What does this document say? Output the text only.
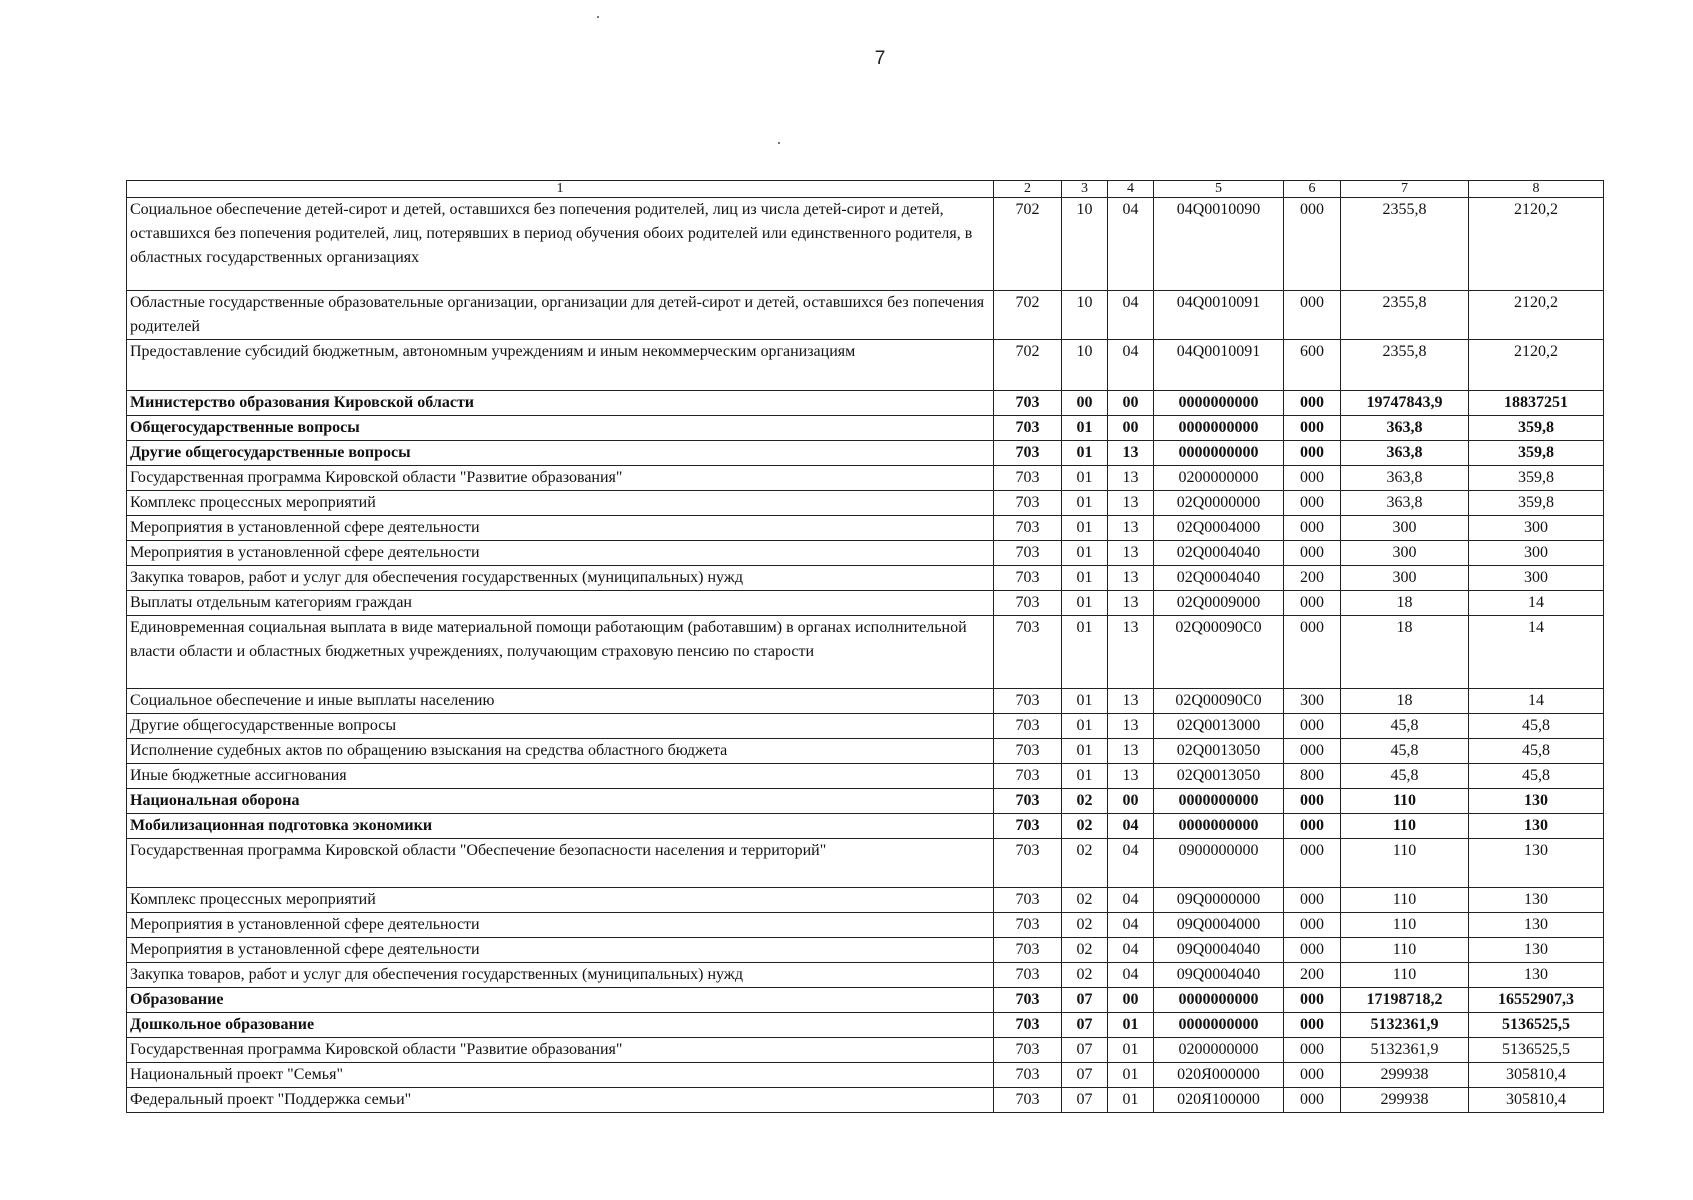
7
1	2	3	4	5	6	7	8
Социальное обеспечение детей-сирот и детей, оставшихся без попечения родителей, лиц из числа детей-сирот и детей, оставшихся без попечения родителей, лиц, потерявших в период обучения обоих родителей или единственного родителя, в областных государственных организациях	702	10	04	04Q0010090	000	2355,8	2120,2
Областные государственные образовательные организации, организации для детей-сирот и детей, оставшихся без попечения родителей	702	10	04	04Q0010091	000	2355,8	2120,2
Предоставление субсидий бюджетным, автономным учреждениям и иным некоммерческим организациям	702	10	04	04Q0010091	600	2355,8	2120,2
Министерство образования Кировской области	703	00	00	0000000000	000	19747843,9	18837251
Общегосударственные вопросы	703	01	00	0000000000	000	363,8	359,8
Другие общегосударственные вопросы	703	01	13	0000000000	000	363,8	359,8
Государственная программа Кировской области "Развитие образования"	703	01	13	0200000000	000	363,8	359,8
Комплекс процессных мероприятий	703	01	13	02Q0000000	000	363,8	359,8
Мероприятия в установленной сфере деятельности	703	01	13	02Q0004000	000	300	300
Мероприятия в установленной сфере деятельности	703	01	13	02Q0004040	000	300	300
Закупка товаров, работ и услуг для обеспечения государственных (муниципальных) нужд	703	01	13	02Q0004040	200	300	300
Выплаты отдельным категориям граждан	703	01	13	02Q0009000	000	18	14
Единовременная социальная выплата в виде материальной помощи работающим (работавшим) в органах исполнительной власти области и областных бюджетных учреждениях, получающим страховую пенсию по старости	703	01	13	02Q00090C0	000	18	14
Социальное обеспечение и иные выплаты населению	703	01	13	02Q00090C0	300	18	14
Другие общегосударственные вопросы	703	01	13	02Q0013000	000	45,8	45,8
Исполнение судебных актов по обращению взыскания на средства областного бюджета	703	01	13	02Q0013050	000	45,8	45,8
Иные бюджетные ассигнования	703	01	13	02Q0013050	800	45,8	45,8
Национальная оборона	703	02	00	0000000000	000	110	130
Мобилизационная подготовка экономики	703	02	04	0000000000	000	110	130
Государственная программа Кировской области "Обеспечение безопасности населения и территорий"	703	02	04	0900000000	000	110	130
Комплекс процессных мероприятий	703	02	04	09Q0000000	000	110	130
Мероприятия в установленной сфере деятельности	703	02	04	09Q0004000	000	110	130
Мероприятия в установленной сфере деятельности	703	02	04	09Q0004040	000	110	130
Закупка товаров, работ и услуг для обеспечения государственных (муниципальных) нужд	703	02	04	09Q0004040	200	110	130
Образование	703	07	00	0000000000	000	17198718,2	16552907,3
Дошкольное образование	703	07	01	0000000000	000	5132361,9	5136525,5
Государственная программа Кировской области "Развитие образования"	703	07	01	0200000000	000	5132361,9	5136525,5
Национальный проект "Семья"	703	07	01	020Я000000	000	299938	305810,4
Федеральный проект "Поддержка семьи"	703	07	01	020Я100000	000	299938	305810,4
